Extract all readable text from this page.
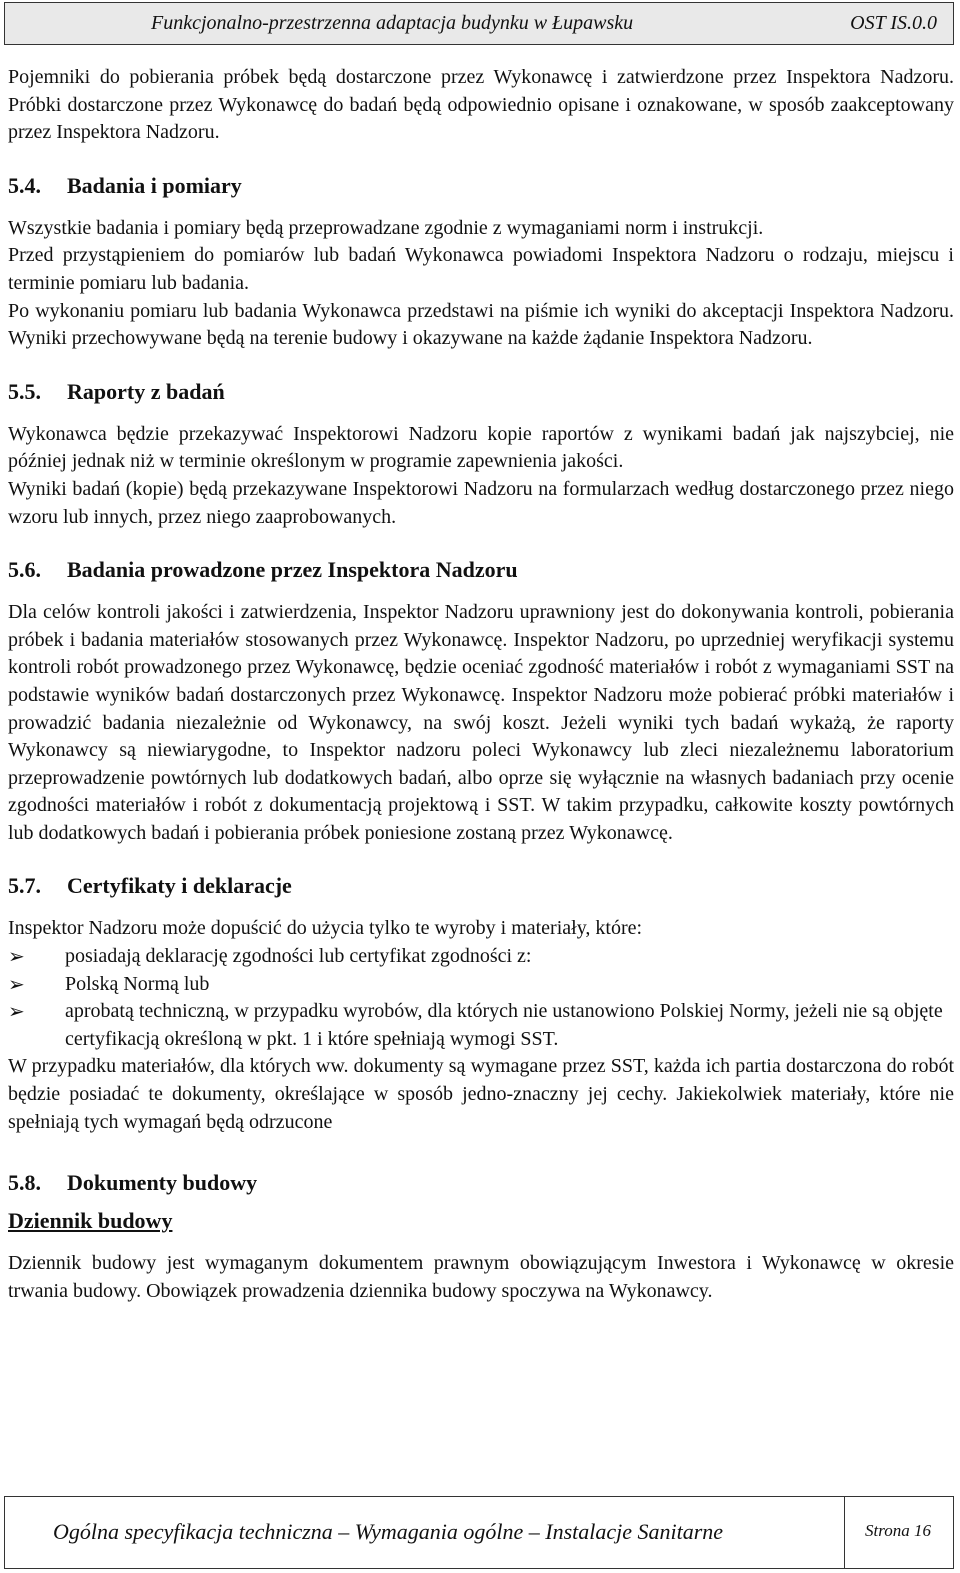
Funkcjonalno-przestrzenna adaptacja budynku w Łupawsku	OST IS.0.0

Pojemniki do pobierania próbek będą dostarczone przez Wykonawcę i zatwierdzone przez Inspektora Nadzoru. Próbki dostarczone przez Wykonawcę do badań będą odpowiednio opisane i oznakowane, w sposób zaakceptowany przez Inspektora Nadzoru.

5.4. Badania i pomiary

Wszystkie badania i pomiary będą przeprowadzane zgodnie z wymaganiami norm i instrukcji.

Przed przystąpieniem do pomiarów lub badań Wykonawca powiadomi Inspektora Nadzoru o rodzaju, miejscu i terminie pomiaru lub badania.

Po wykonaniu pomiaru lub badania Wykonawca przedstawi na piśmie ich wyniki do akceptacji Inspektora Nadzoru. Wyniki przechowywane będą na terenie budowy i okazywane na każde żądanie Inspektora Nadzoru.

5.5. Raporty z badań

Wykonawca będzie przekazywać Inspektorowi Nadzoru kopie raportów z wynikami badań jak najszybciej, nie później jednak niż w terminie określonym w programie zapewnienia jakości.

Wyniki badań (kopie) będą przekazywane Inspektorowi Nadzoru na formularzach według dostarczonego przez niego wzoru lub innych, przez niego zaaprobowanych.

5.6. Badania prowadzone przez Inspektora Nadzoru

Dla celów kontroli jakości i zatwierdzenia, Inspektor Nadzoru uprawniony jest do dokonywania kontroli, pobierania próbek i badania materiałów stosowanych przez Wykonawcę. Inspektor Nadzoru, po uprzedniej weryfikacji systemu kontroli robót prowadzonego przez Wykonawcę, będzie oceniać zgodność materiałów i robót z wymaganiami SST na podstawie wyników badań dostarczonych przez Wykonawcę. Inspektor Nadzoru może pobierać próbki materiałów i prowadzić badania niezależnie od Wykonawcy, na swój koszt. Jeżeli wyniki tych badań wykażą, że raporty Wykonawcy są niewiarygodne, to Inspektor nadzoru poleci Wykonawcy lub zleci niezależnemu laboratorium przeprowadzenie powtórnych lub dodatkowych badań, albo oprze się wyłącznie na własnych badaniach przy ocenie zgodności materiałów i robót z dokumentacją projektową i SST. W takim przypadku, całkowite koszty powtórnych lub dodatkowych badań i pobierania próbek poniesione zostaną przez Wykonawcę.

5.7. Certyfikaty i deklaracje

Inspektor Nadzoru może dopuścić do użycia tylko te wyroby i materiały, które:

➢ posiadają deklarację zgodności lub certyfikat zgodności z:
➢ Polską Normą lub
➢ aprobatą techniczną, w przypadku wyrobów, dla których nie ustanowiono Polskiej Normy, jeżeli nie są objęte certyfikacją określoną w pkt. 1 i które spełniają wymogi SST.

W przypadku materiałów, dla których ww. dokumenty są wymagane przez SST, każda ich partia dostarczona do robót będzie posiadać te dokumenty, określające w sposób jedno-znaczny jej cechy. Jakiekolwiek materiały, które nie spełniają tych wymagań będą odrzucone

5.8. Dokumenty budowy
Dziennik budowy

Dziennik budowy jest wymaganym dokumentem prawnym obowiązującym Inwestora i Wykonawcę w okresie trwania budowy. Obowiązek prowadzenia dziennika budowy spoczywa na Wykonawcy.

Ogólna specyfikacja techniczna – Wymagania ogólne – Instalacje Sanitarne	Strona 16
